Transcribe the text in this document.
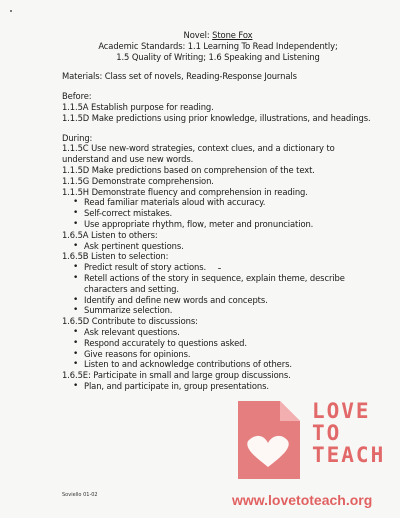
Novel: Stone Fox
Academic Standards: 1.1 Learning To Read Independently;
1.5 Quality of Writing; 1.6 Speaking and Listening
Materials: Class set of novels, Reading-Response Journals
Before:
1.1.5A Establish purpose for reading.
1.1.5D Make predictions using prior knowledge, illustrations, and headings.
During:
1.1.5C Use new-word strategies, context clues, and a dictionary to understand and use new words.
1.1.5D Make predictions based on comprehension of the text.
1.1.5G Demonstrate comprehension.
1.1.5H Demonstrate fluency and comprehension in reading.
• Read familiar materials aloud with accuracy.
• Self-correct mistakes.
• Use appropriate rhythm, flow, meter and pronunciation.
1.6.5A Listen to others:
• Ask pertinent questions.
1.6.5B Listen to selection:
• Predict result of story actions.
• Retell actions of the story in sequence, explain theme, describe characters and setting.
• Identify and define new words and concepts.
• Summarize selection.
1.6.5D Contribute to discussions:
• Ask relevant questions.
• Respond accurately to questions asked.
• Give reasons for opinions.
• Listen to and acknowledge contributions of others.
1.6.5E: Participate in small and large group discussions.
• Plan, and participate in, group presentations.
Soviello 01-02
LOVE
TO
TEACH
www.lovetoteach.org
